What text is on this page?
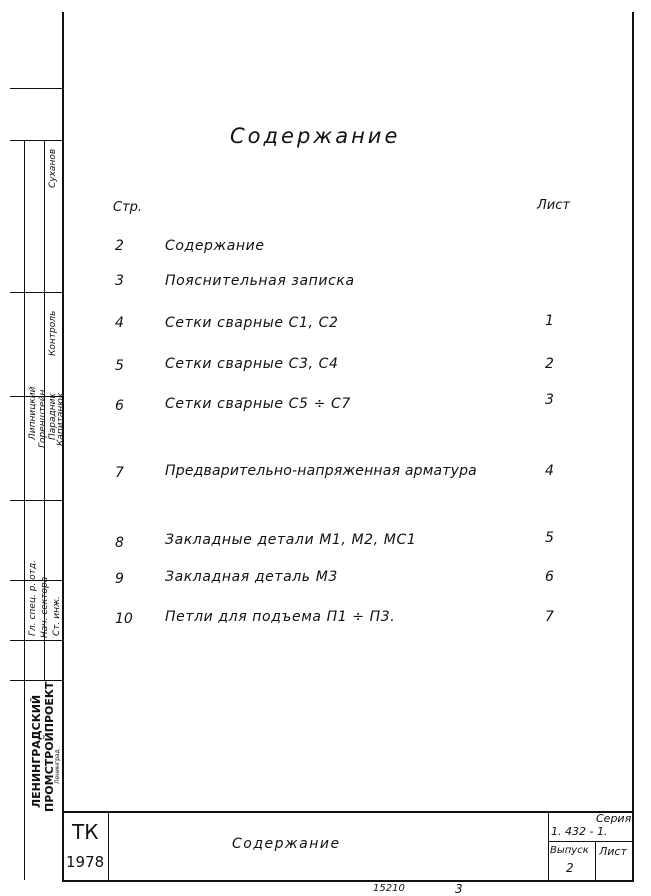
Контроль
Суханов
Липницкий Горенштейн Парадник
Капитанюк
Гл. спец. р. отд. Нач. сектора Ст. инж.
ЛЕНИНГРАДСКИЙ ПРОМСТРОЙПРОЕКТ
Ленинград
Содержание
Стр.	Лист
2	Содержание
3	Пояснительная записка
4	Сетки сварные С1, С2	1
5	Сетки сварные С3, С4	2
6	Сетки сварные С5 ÷ С7	3
7	Предварительно-напряженная арматура	4
8	Закладные детали М1, М2, МС1	5
9	Закладная деталь М3	6
10	Петли для подъема П1 ÷ П3.	7
ТК
1978
Содержание
Серия
1. 432 - 1.
Выпуск
2
Лист
15210	3
